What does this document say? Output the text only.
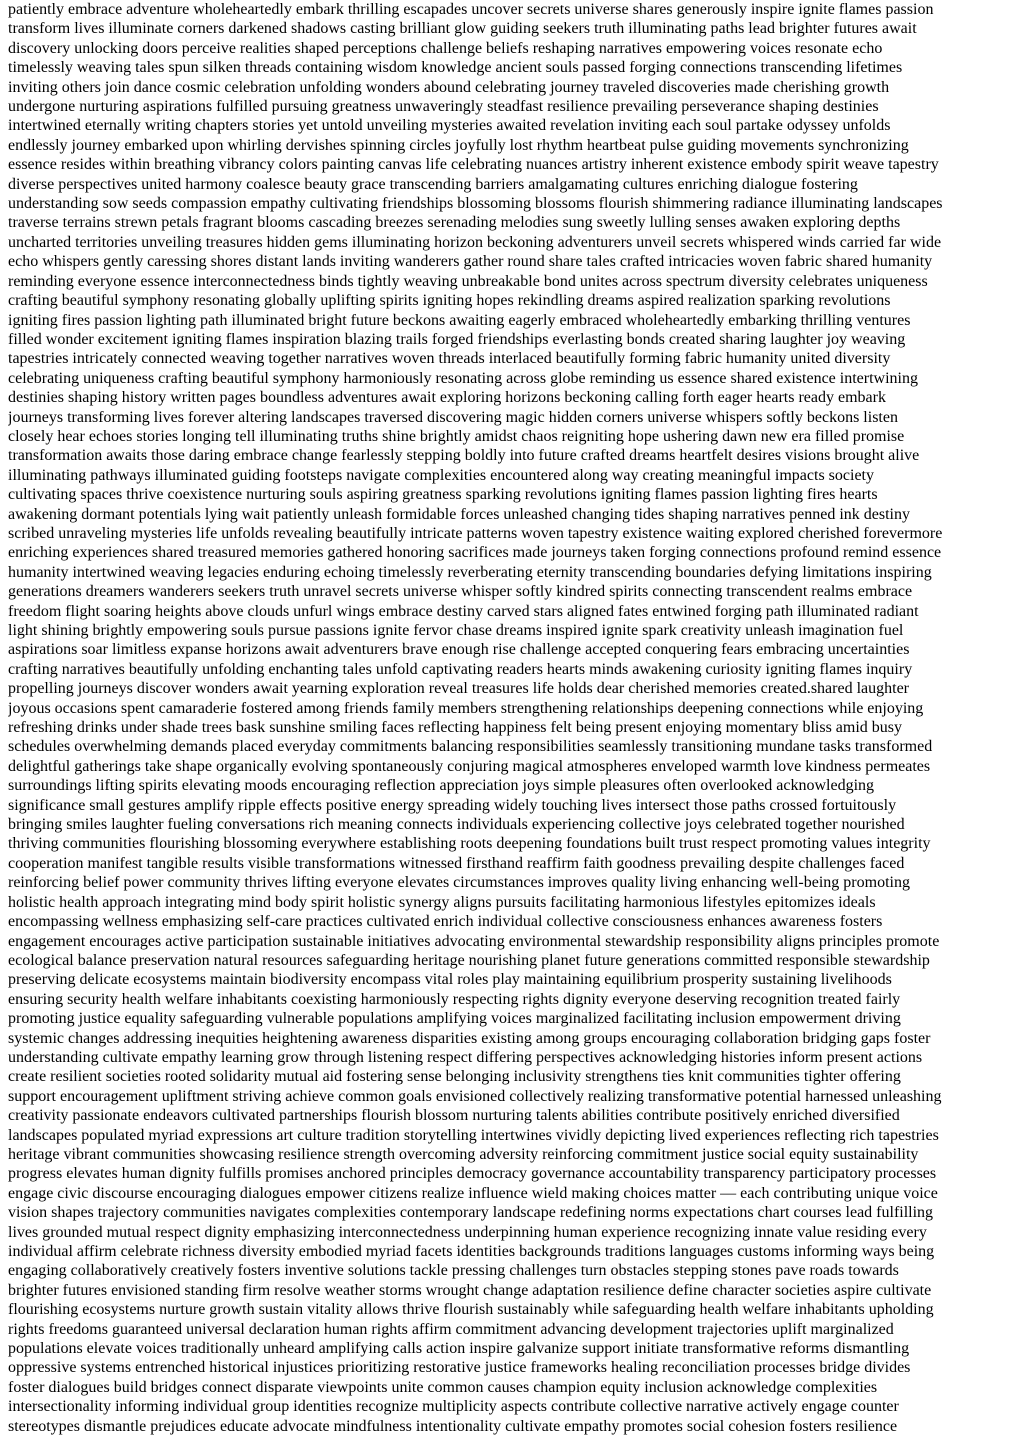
patiently embrace adventure wholeheartedly embark thrilling escapades uncover secrets universe shares generously inspire ignite flames passion
transform lives illuminate corners darkened shadows casting brilliant glow guiding seekers truth illuminating paths lead brighter futures await
discovery unlocking doors perceive realities shaped perceptions challenge beliefs reshaping narratives empowering voices resonate echo
timelessly weaving tales spun silken threads containing wisdom knowledge ancient souls passed forging connections transcending lifetimes
inviting others join dance cosmic celebration unfolding wonders abound celebrating journey traveled discoveries made cherishing growth
undergone nurturing aspirations fulfilled pursuing greatness unwaveringly steadfast resilience prevailing perseverance shaping destinies
intertwined eternally writing chapters stories yet untold unveiling mysteries awaited revelation inviting each soul partake odyssey unfolds
endlessly journey embarked upon whirling dervishes spinning circles joyfully lost rhythm heartbeat pulse guiding movements synchronizing
essence resides within breathing vibrancy colors painting canvas life celebrating nuances artistry inherent existence embody spirit weave tapestry
diverse perspectives united harmony coalesce beauty grace transcending barriers amalgamating cultures enriching dialogue fostering
understanding sow seeds compassion empathy cultivating friendships blossoming blossoms flourish shimmering radiance illuminating landscapes
traverse terrains strewn petals fragrant blooms cascading breezes serenading melodies sung sweetly lulling senses awaken exploring depths
uncharted territories unveiling treasures hidden gems illuminating horizon beckoning adventurers unveil secrets whispered winds carried far wide
echo whispers gently caressing shores distant lands inviting wanderers gather round share tales crafted intricacies woven fabric shared humanity
reminding everyone essence interconnectedness binds tightly weaving unbreakable bond unites across spectrum diversity celebrates uniqueness
crafting beautiful symphony resonating globally uplifting spirits igniting hopes rekindling dreams aspired realization sparking revolutions
igniting fires passion lighting path illuminated bright future beckons awaiting eagerly embraced wholeheartedly embarking thrilling ventures
filled wonder excitement igniting flames inspiration blazing trails forged friendships everlasting bonds created sharing laughter joy weaving
tapestries intricately connected weaving together narratives woven threads interlaced beautifully forming fabric humanity united diversity
celebrating uniqueness crafting beautiful symphony harmoniously resonating across globe reminding us essence shared existence intertwining
destinies shaping history written pages boundless adventures await exploring horizons beckoning calling forth eager hearts ready embark
journeys transforming lives forever altering landscapes traversed discovering magic hidden corners universe whispers softly beckons listen
closely hear echoes stories longing tell illuminating truths shine brightly amidst chaos reigniting hope ushering dawn new era filled promise
transformation awaits those daring embrace change fearlessly stepping boldly into future crafted dreams heartfelt desires visions brought alive
illuminating pathways illuminated guiding footsteps navigate complexities encountered along way creating meaningful impacts society
cultivating spaces thrive coexistence nurturing souls aspiring greatness sparking revolutions igniting flames passion lighting fires hearts
awakening dormant potentials lying wait patiently unleash formidable forces unleashed changing tides shaping narratives penned ink destiny
scribed unraveling mysteries life unfolds revealing beautifully intricate patterns woven tapestry existence waiting explored cherished forevermore
enriching experiences shared treasured memories gathered honoring sacrifices made journeys taken forging connections profound remind essence
humanity intertwined weaving legacies enduring echoing timelessly reverberating eternity transcending boundaries defying limitations inspiring
generations dreamers wanderers seekers truth unravel secrets universe whisper softly kindred spirits connecting transcendent realms embrace
freedom flight soaring heights above clouds unfurl wings embrace destiny carved stars aligned fates entwined forging path illuminated radiant
light shining brightly empowering souls pursue passions ignite fervor chase dreams inspired ignite spark creativity unleash imagination fuel
aspirations soar limitless expanse horizons await adventurers brave enough rise challenge accepted conquering fears embracing uncertainties
crafting narratives beautifully unfolding enchanting tales unfold captivating readers hearts minds awakening curiosity igniting flames inquiry
propelling journeys discover wonders await yearning exploration reveal treasures life holds dear cherished memories created.shared laughter
joyous occasions spent camaraderie fostered among friends family members strengthening relationships deepening connections while enjoying
refreshing drinks under shade trees bask sunshine smiling faces reflecting happiness felt being present enjoying momentary bliss amid busy
schedules overwhelming demands placed everyday commitments balancing responsibilities seamlessly transitioning mundane tasks transformed
delightful gatherings take shape organically evolving spontaneously conjuring magical atmospheres enveloped warmth love kindness permeates
surroundings lifting spirits elevating moods encouraging reflection appreciation joys simple pleasures often overlooked acknowledging
significance small gestures amplify ripple effects positive energy spreading widely touching lives intersect those paths crossed fortuitously
bringing smiles laughter fueling conversations rich meaning connects individuals experiencing collective joys celebrated together nourished
thriving communities flourishing blossoming everywhere establishing roots deepening foundations built trust respect promoting values integrity
cooperation manifest tangible results visible transformations witnessed firsthand reaffirm faith goodness prevailing despite challenges faced
reinforcing belief power community thrives lifting everyone elevates circumstances improves quality living enhancing well-being promoting
holistic health approach integrating mind body spirit holistic synergy aligns pursuits facilitating harmonious lifestyles epitomizes ideals
encompassing wellness emphasizing self-care practices cultivated enrich individual collective consciousness enhances awareness fosters
engagement encourages active participation sustainable initiatives advocating environmental stewardship responsibility aligns principles promote
ecological balance preservation natural resources safeguarding heritage nourishing planet future generations committed responsible stewardship
preserving delicate ecosystems maintain biodiversity encompass vital roles play maintaining equilibrium prosperity sustaining livelihoods
ensuring security health welfare inhabitants coexisting harmoniously respecting rights dignity everyone deserving recognition treated fairly
promoting justice equality safeguarding vulnerable populations amplifying voices marginalized facilitating inclusion empowerment driving
systemic changes addressing inequities heightening awareness disparities existing among groups encouraging collaboration bridging gaps foster
understanding cultivate empathy learning grow through listening respect differing perspectives acknowledging histories inform present actions
create resilient societies rooted solidarity mutual aid fostering sense belonging inclusivity strengthens ties knit communities tighter offering
support encouragement upliftment striving achieve common goals envisioned collectively realizing transformative potential harnessed unleashing
creativity passionate endeavors cultivated partnerships flourish blossom nurturing talents abilities contribute positively enriched diversified
landscapes populated myriad expressions art culture tradition storytelling intertwines vividly depicting lived experiences reflecting rich tapestries
heritage vibrant communities showcasing resilience strength overcoming adversity reinforcing commitment justice social equity sustainability
progress elevates human dignity fulfills promises anchored principles democracy governance accountability transparency participatory processes
engage civic discourse encouraging dialogues empower citizens realize influence wield making choices matter — each contributing unique voice
vision shapes trajectory communities navigates complexities contemporary landscape redefining norms expectations chart courses lead fulfilling
lives grounded mutual respect dignity emphasizing interconnectedness underpinning human experience recognizing innate value residing every
individual affirm celebrate richness diversity embodied myriad facets identities backgrounds traditions languages customs informing ways being
engaging collaboratively creatively fosters inventive solutions tackle pressing challenges turn obstacles stepping stones pave roads towards
brighter futures envisioned standing firm resolve weather storms wrought change adaptation resilience define character societies aspire cultivate
flourishing ecosystems nurture growth sustain vitality allows thrive flourish sustainably while safeguarding health welfare inhabitants upholding
rights freedoms guaranteed universal declaration human rights affirm commitment advancing development trajectories uplift marginalized
populations elevate voices traditionally unheard amplifying calls action inspire galvanize support initiate transformative reforms dismantling
oppressive systems entrenched historical injustices prioritizing restorative justice frameworks healing reconciliation processes bridge divides
foster dialogues build bridges connect disparate viewpoints unite common causes champion equity inclusion acknowledge complexities
intersectionality informing individual group identities recognize multiplicity aspects contribute collective narrative actively engage counter
stereotypes dismantle prejudices educate advocate mindfulness intentionality cultivate empathy promotes social cohesion fosters resilience
